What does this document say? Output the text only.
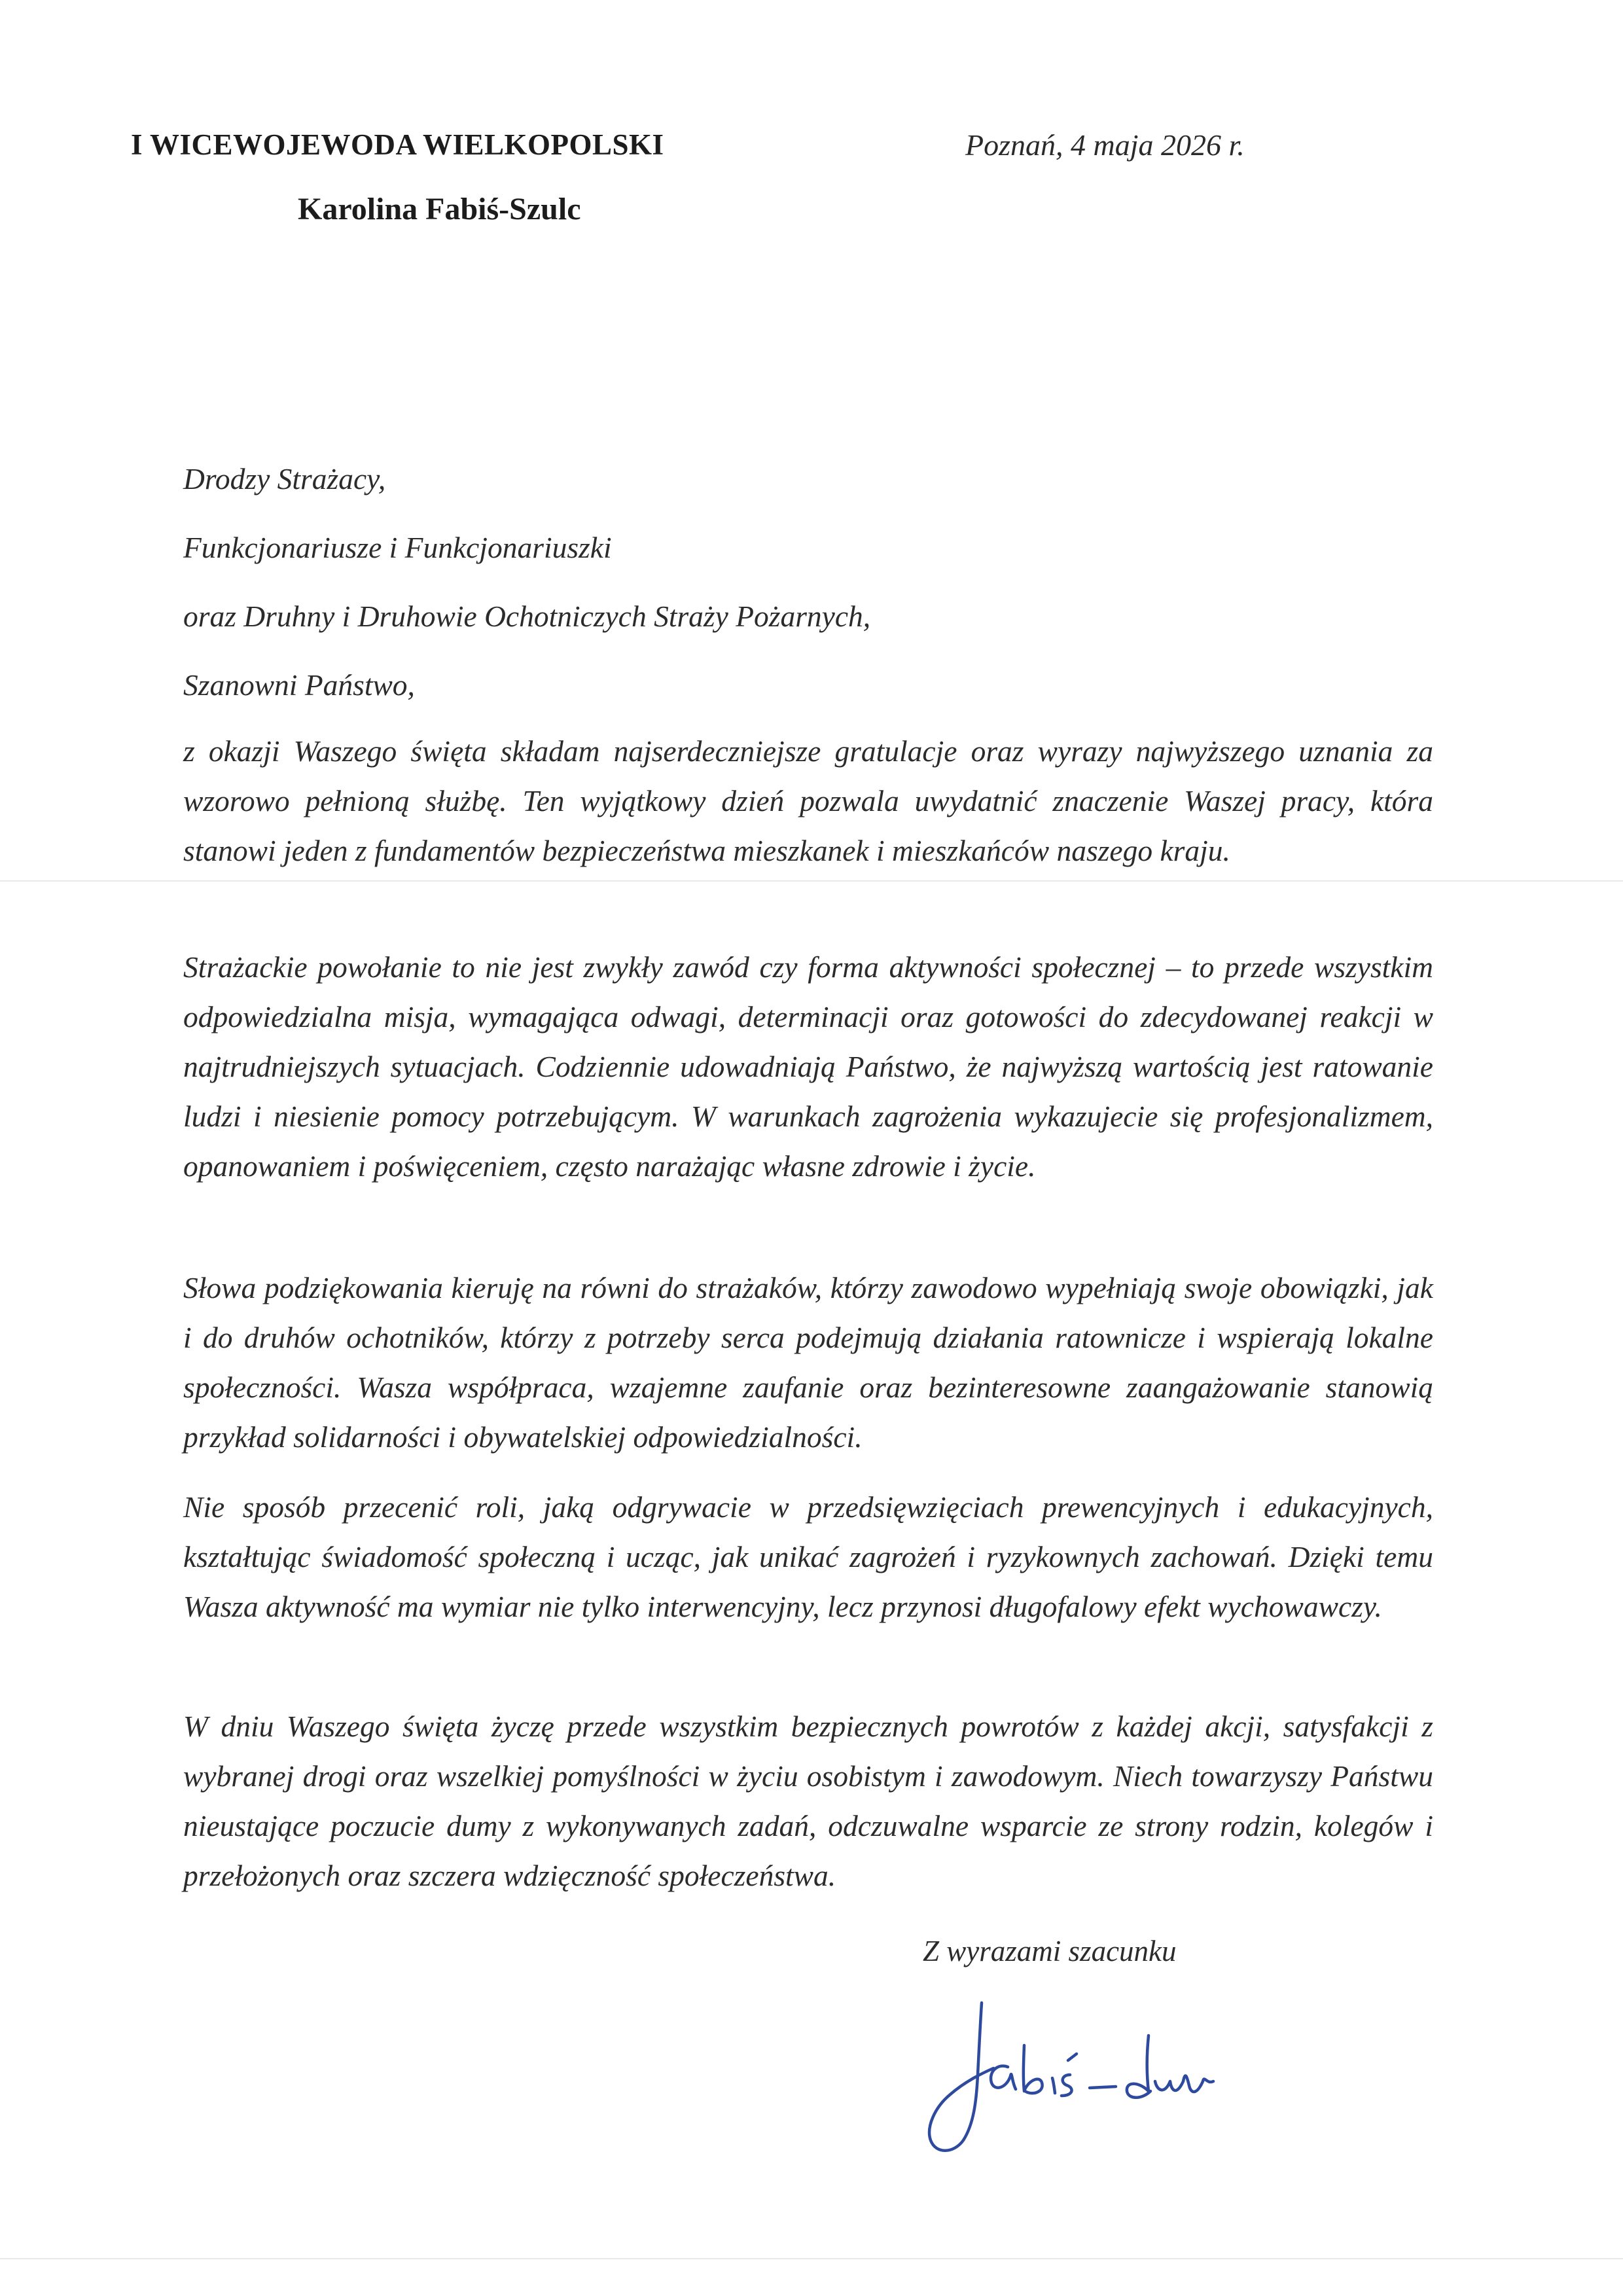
I WICEWOJEWODA WIELKOPOLSKI
Karolina Fabiś-Szulc
Poznań, 4 maja 2026 r.
Drodzy Strażacy,
Funkcjonariusze i Funkcjonariuszki
oraz Druhny i Druhowie Ochotniczych Straży Pożarnych,
Szanowni Państwo,

z okazji Waszego święta składam najserdeczniejsze gratulacje oraz wyrazy najwyższego uznania za wzorowo pełnioną służbę. Ten wyjątkowy dzień pozwala uwydatnić znaczenie Waszej pracy, która stanowi jeden z fundamentów bezpieczeństwa mieszkanek i mieszkańców naszego kraju.

Strażackie powołanie to nie jest zwykły zawód czy forma aktywności społecznej – to przede wszystkim odpowiedzialna misja, wymagająca odwagi, determinacji oraz gotowości do zdecydowanej reakcji w najtrudniejszych sytuacjach. Codziennie udowadniają Państwo, że najwyższą wartością jest ratowanie ludzi i niesienie pomocy potrzebującym. W warunkach zagrożenia wykazujecie się profesjonalizmem, opanowaniem i poświęceniem, często narażając własne zdrowie i życie.

Słowa podziękowania kieruję na równi do strażaków, którzy zawodowo wypełniają swoje obowiązki, jak i do druhów ochotników, którzy z potrzeby serca podejmują działania ratownicze i wspierają lokalne społeczności. Wasza współpraca, wzajemne zaufanie oraz bezinteresowne zaangażowanie stanowią przykład solidarności i obywatelskiej odpowiedzialności.

Nie sposób przecenić roli, jaką odgrywacie w przedsięwzięciach prewencyjnych i edukacyjnych, kształtując świadomość społeczną i ucząc, jak unikać zagrożeń i ryzykownych zachowań. Dzięki temu Wasza aktywność ma wymiar nie tylko interwencyjny, lecz przynosi długofalowy efekt wychowawczy.

W dniu Waszego święta życzę przede wszystkim bezpiecznych powrotów z każdej akcji, satysfakcji z wybranej drogi oraz wszelkiej pomyślności w życiu osobistym i zawodowym. Niech towarzyszy Państwu nieustające poczucie dumy z wykonywanych zadań, odczuwalne wsparcie ze strony rodzin, kolegów i przełożonych oraz szczera wdzięczność społeczeństwa.

Z wyrazami szacunku
